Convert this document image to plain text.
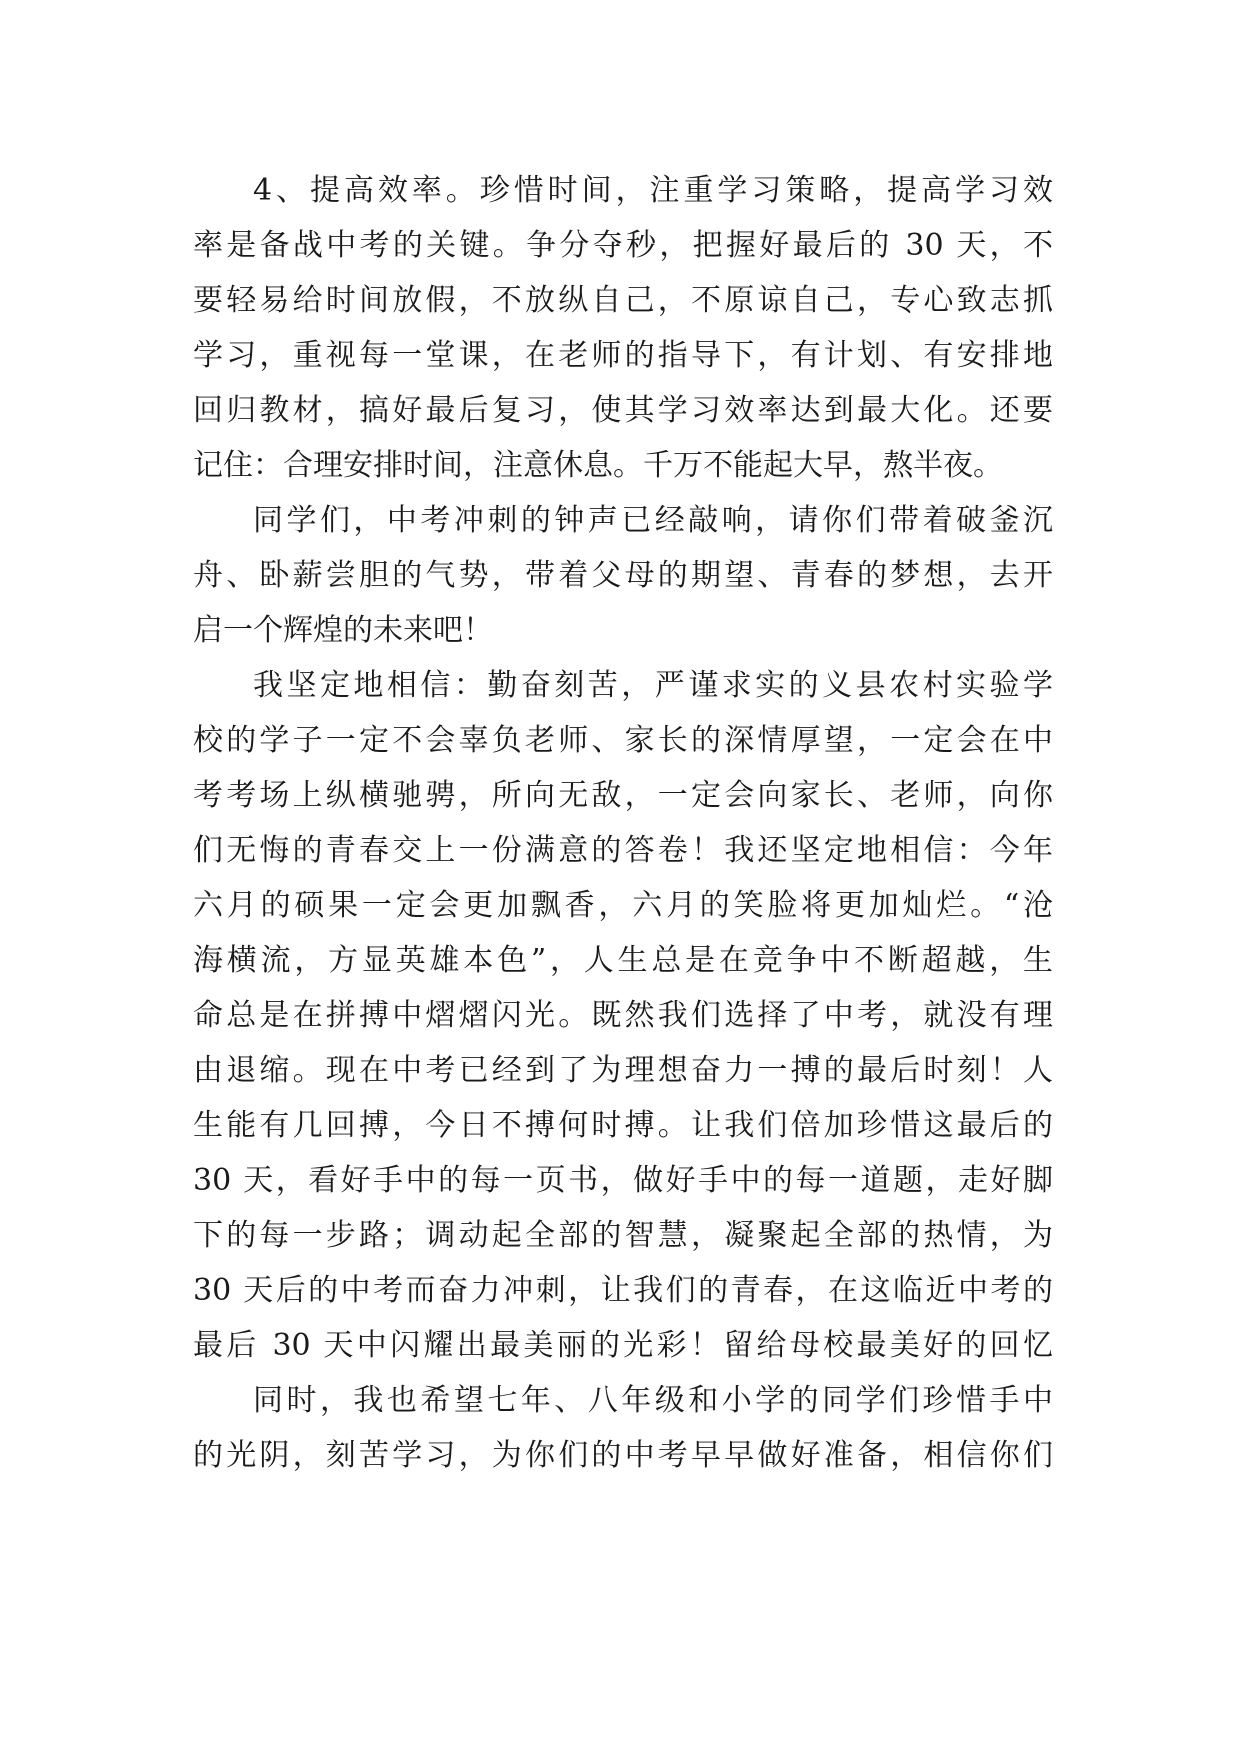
4、提高效率。珍惜时间，注重学习策略，提高学习效
率是备战中考的关键。争分夺秒，把握好最后的 30 天，不
要轻易给时间放假，不放纵自己，不原谅自己，专心致志抓
学习，重视每一堂课，在老师的指导下，有计划、有安排地
回归教材，搞好最后复习，使其学习效率达到最大化。还要
记住：合理安排时间，注意休息。千万不能起大早，熬半夜。
同学们，中考冲刺的钟声已经敲响，请你们带着破釜沉
舟、卧薪尝胆的气势，带着父母的期望、青春的梦想，去开
启一个辉煌的未来吧！
我坚定地相信：勤奋刻苦，严谨求实的义县农村实验学
校的学子一定不会辜负老师、家长的深情厚望，一定会在中
考考场上纵横驰骋，所向无敌，一定会向家长、老师，向你
们无悔的青春交上一份满意的答卷！我还坚定地相信：今年
六月的硕果一定会更加飘香，六月的笑脸将更加灿烂。“沧
海横流，方显英雄本色”，人生总是在竞争中不断超越，生
命总是在拼搏中熠熠闪光。既然我们选择了中考，就没有理
由退缩。现在中考已经到了为理想奋力一搏的最后时刻！人
生能有几回搏，今日不搏何时搏。让我们倍加珍惜这最后的
30 天，看好手中的每一页书，做好手中的每一道题，走好脚
下的每一步路；调动起全部的智慧，凝聚起全部的热情，为
30 天后的中考而奋力冲刺，让我们的青春，在这临近中考的
最后 30 天中闪耀出最美丽的光彩！留给母校最美好的回忆
同时，我也希望七年、八年级和小学的同学们珍惜手中
的光阴，刻苦学习，为你们的中考早早做好准备，相信你们
